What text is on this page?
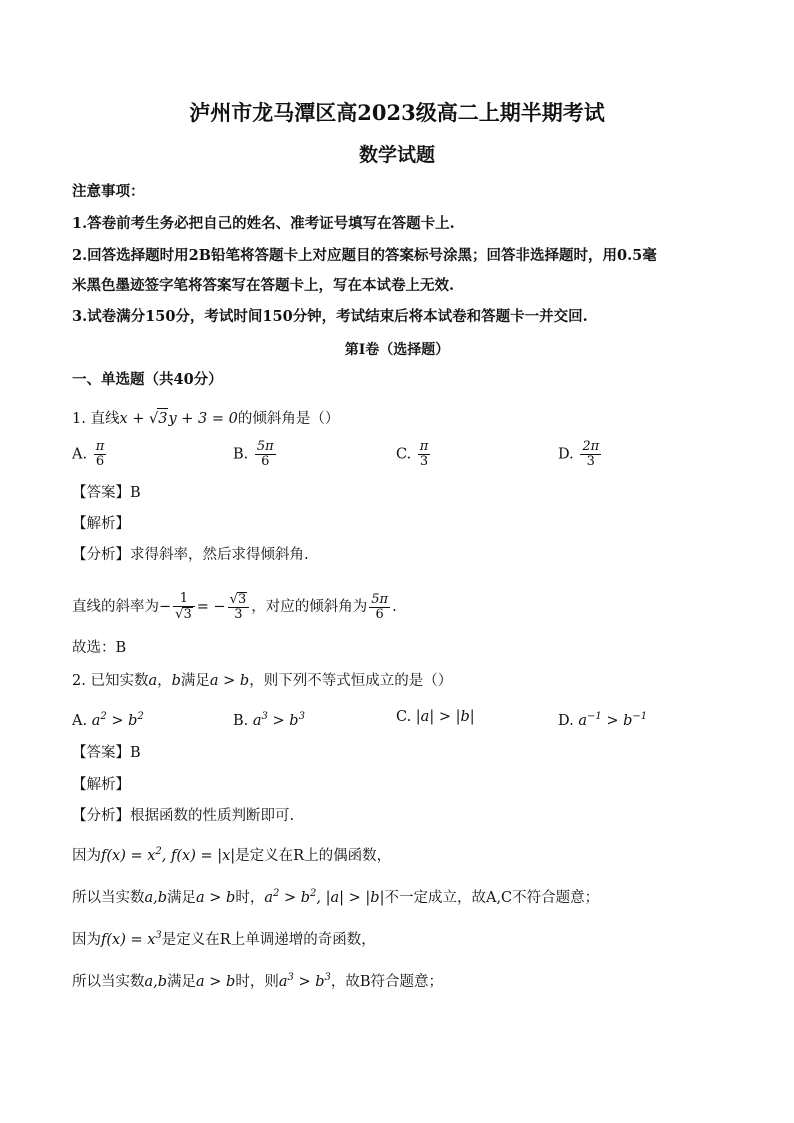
泸州市龙马潭区高2023级高二上期半期考试
数学试题
注意事项：
1.答卷前考生务必把自己的姓名、准考证号填写在答题卡上.
2.回答选择题时用2B铅笔将答题卡上对应题目的答案标号涂黑；回答非选择题时，用0.5毫
米黑色墨迹签字笔将答案写在答题卡上，写在本试卷上无效.
3.试卷满分150分，考试时间150分钟，考试结束后将本试卷和答题卡一并交回.
第I卷（选择题）
一、单选题（共40分）
1. 直线x + √3y + 3 = 0的倾斜角是（）
A. $\frac{\pi}{6}$	B. $\frac{5\pi}{6}$	C. $\frac{\pi}{3}$	D. $\frac{2\pi}{3}$
【答案】B
【解析】
【分析】求得斜率，然后求得倾斜角.
直线的斜率为− $\frac{1}{√3}$ = − $\frac{√3}{3}$ ，对应的倾斜角为 $\frac{5\pi}{6}$ .
故选：B
2. 已知实数a，b满足a > b，则下列不等式恒成立的是（）
A. $a^2 > b^2$	B. $a^3 > b^3$	C. |a| > |b|	D. $a^{-1} > b^{-1}$
【答案】B
【解析】
【分析】根据函数的性质判断即可.
因为$f(x) = x^2$, f(x) = |x|是定义在R上的偶函数，
所以当实数a,b满足a > b时，$a^2 > b^2$, |a| > |b|不一定成立，故A,C不符合题意；
因为$f(x) = x^3$是定义在R上单调递增的奇函数，
所以当实数a,b满足a > b时，则$a^3 > b^3$，故B符合题意；
